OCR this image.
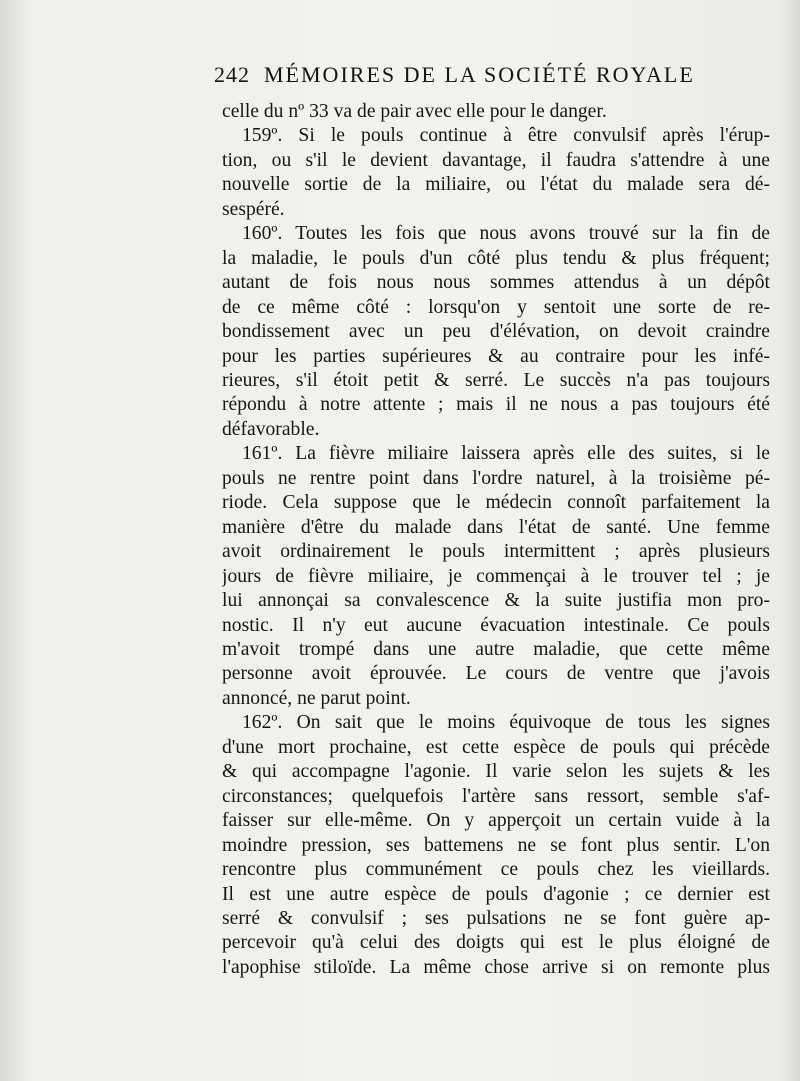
242 MÉMOIRES DE LA SOCIÉTÉ ROYALE
celle du nº 33 va de pair avec elle pour le danger.
159º. Si le pouls continue à être convulsif après l'érup-
tion, ou s'il le devient davantage, il faudra s'attendre à une
nouvelle sortie de la miliaire, ou l'état du malade sera dé-
sespéré.
160º. Toutes les fois que nous avons trouvé sur la fin de
la maladie, le pouls d'un côté plus tendu & plus fréquent;
autant de fois nous nous sommes attendus à un dépôt
de ce même côté : lorsqu'on y sentoit une sorte de re-
bondissement avec un peu d'élévation, on devoit craindre
pour les parties supérieures & au contraire pour les infé-
rieures, s'il étoit petit & serré. Le succès n'a pas toujours
répondu à notre attente ; mais il ne nous a pas toujours été
défavorable.
161º. La fièvre miliaire laissera après elle des suites, si le
pouls ne rentre point dans l'ordre naturel, à la troisième pé-
riode. Cela suppose que le médecin connoît parfaitement la
manière d'être du malade dans l'état de santé. Une femme
avoit ordinairement le pouls intermittent ; après plusieurs
jours de fièvre miliaire, je commençai à le trouver tel ; je
lui annonçai sa convalescence & la suite justifia mon pro-
nostic. Il n'y eut aucune évacuation intestinale. Ce pouls
m'avoit trompé dans une autre maladie, que cette même
personne avoit éprouvée. Le cours de ventre que j'avois
annoncé, ne parut point.
162º. On sait que le moins équivoque de tous les signes
d'une mort prochaine, est cette espèce de pouls qui précède
& qui accompagne l'agonie. Il varie selon les sujets & les
circonstances; quelquefois l'artère sans ressort, semble s'af-
faisser sur elle-même. On y apperçoit un certain vuide à la
moindre pression, ses battemens ne se font plus sentir. L'on
rencontre plus communément ce pouls chez les vieillards.
Il est une autre espèce de pouls d'agonie ; ce dernier est
serré & convulsif ; ses pulsations ne se font guère ap-
percevoir qu'à celui des doigts qui est le plus éloigné de
l'apophise stiloïde. La même chose arrive si on remonte plus
